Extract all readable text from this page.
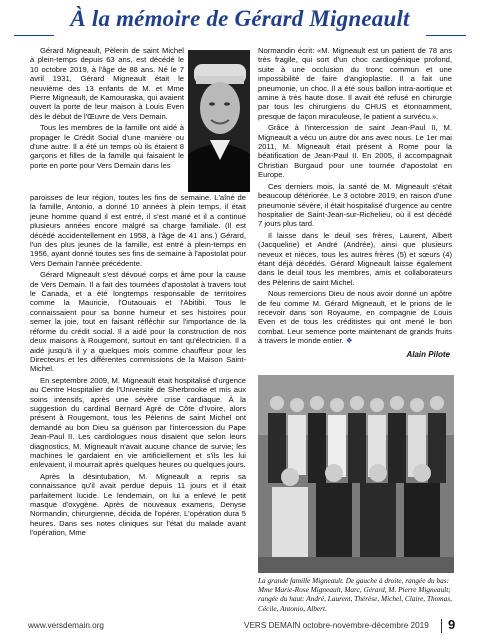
À la mémoire de Gérard Migneault

Gérard Migneault, Pèlerin de saint Michel à plein-temps depuis 63 ans, est décédé le 10 octobre 2019, à l'âge de 88 ans. Né le 7 avril 1931, Gérard Migneault était le neuvième des 13 enfants de M. et Mme Pierre Migneault, de Kamouraska, qui avaient ouvert la porte de leur maison à Louis Even dès le début de l'Œuvre de Vers Demain.

Tous les membres de la famille ont aidé à propager le Crédit Social d'une manière ou d'une autre. Il a été un temps où ils étaient 8 garçons et filles de la famille qui faisaient le porte en porte pour Vers Demain dans les

paroisses de leur région, toutes les fins de semaine. L'aîné de la famille, Antonio, a donné 10 années à plein temps, il était jeune homme quand il est entré, il s'est marié et il a continué plusieurs années encore malgré sa charge familiale. (Il est décédé accidentellement en 1958, à l'âge de 41 ans.) Gérard, l'un des plus jeunes de la famille, est entré à plein-temps en 1956, ayant donné toutes ses fins de semaine à l'apostolat pour Vers Demain l'année précédente.

Gérard Migneault s'est dévoué corps et âme pour la cause de Vers Demain. Il a fait des tournées d'apostolat à travers tout le Canada, et a été longtemps responsable de territoires comme la Mauricie, l'Outaouais et l'Abitibi. Tous le connaissaient pour sa bonne humeur et ses histoires pour semer la joie, tout en faisant réfléchir sur l'importance de la réforme du crédit social. Il a aidé pour la construction de nos deux maisons à Rougemont, surtout en tant qu'électricien. Il a aidé jusqu'à il y a quelques mois comme chauffeur pour les Directeurs et les différentes commissions de la Maison Saint-Michel.

En septembre 2009, M. Migneault était hospitalisé d'urgence au Centre Hospitalier de l'Université de Sherbrooke et mis aux soins intensifs, après une sévère crise cardiaque. À la suggestion du cardinal Bernard Agré de Côte d'Ivoire, alors présent à Rougemont, tous les Pèlerins de saint Michel ont demandé au bon Dieu sa guérison par l'intercession du Pape Jean-Paul II. Les cardiologues nous disaient que selon leurs diagnostics, M. Migneault n'avait aucune chance de survie; les machines le gardaient en vie artificiellement et s'ils les lui enlevaient, il mourrait après quelques heures ou quelques jours.

Après la désintubation, M. Migneault a repris sa connaissance qu'il avait perdue depuis 11 jours et il était parfaitement lucide. Le lendemain, on lui a enlevé le petit masque d'oxygène. Après de nouveaux examens, Denyse Normandin, chirurgienne, décida de l'opérer. L'opération dura 5 heures. Dans ses notes cliniques sur l'état du malade avant l'opération, Mme

Normandin écrit: «M. Migneault est un patient de 78 ans très fragile, qui sort d'un choc cardiogénique profond, suite à une occlusion du tronc commun et une impossibilité de faire d'angioplastie. Il a fait une pneumonie, un choc. Il a été sous ballon intra-aortique et amine à très haute dose. Il avait été refusé en chirurgie par tous les chirurgiens du CHUS et étonnamment, presque de façon miraculeuse, le patient a survécu.».

Grâce à l'intercession de saint Jean-Paul II, M. Migneault a vécu un autre dix ans avec nous. Le 1er mai 2011, M. Migneault était présent à Rome pour la béatification de Jean-Paul II. En 2005, il accompagnait Christian Burgaud pour une tournée d'apostolat en Europe.

Ces derniers mois, la santé de M. Migneault s'était beaucoup détériorée. Le 3 octobre 2019, en raison d'une pneumonie sévère, il était hospitalisé d'urgence au centre hospitalier de Saint-Jean-sur-Richelieu, où il est décédé 7 jours plus tard.

Il laisse dans le deuil ses frères, Laurent, Albert (Jacqueline) et André (Andrée), ainsi que plusieurs neveux et nièces, tous les autres frères (5) et sœurs (4) étant déjà décédés. Gérard Migneault laisse également dans le deuil tous les membres, amis et collaborateurs des Pèlerins de saint Michel.

Nous remercions Dieu de nous avoir donné un apôtre de feu comme M. Gérard Migneault, et le prions de le recevoir dans son Royaume, en compagnie de Louis Even et de tous les créditistes qui ont mené le bon combat. Leur semence porte maintenant de grands fruits à travers le monde entier. ❖

Alain Pilote
La grande famille Migneault. De gauche à droite, rangée du bas: Mme Marie-Rose Migneault, Marc, Gérard, M. Pierre Migneault; rangée du haut: André, Laurent, Thérèse, Michel, Claire, Thomas, Cécile, Antonio, Albert.
www.versdemain.org	VERS DEMAIN octobre-novembre-décembre 2019 9
